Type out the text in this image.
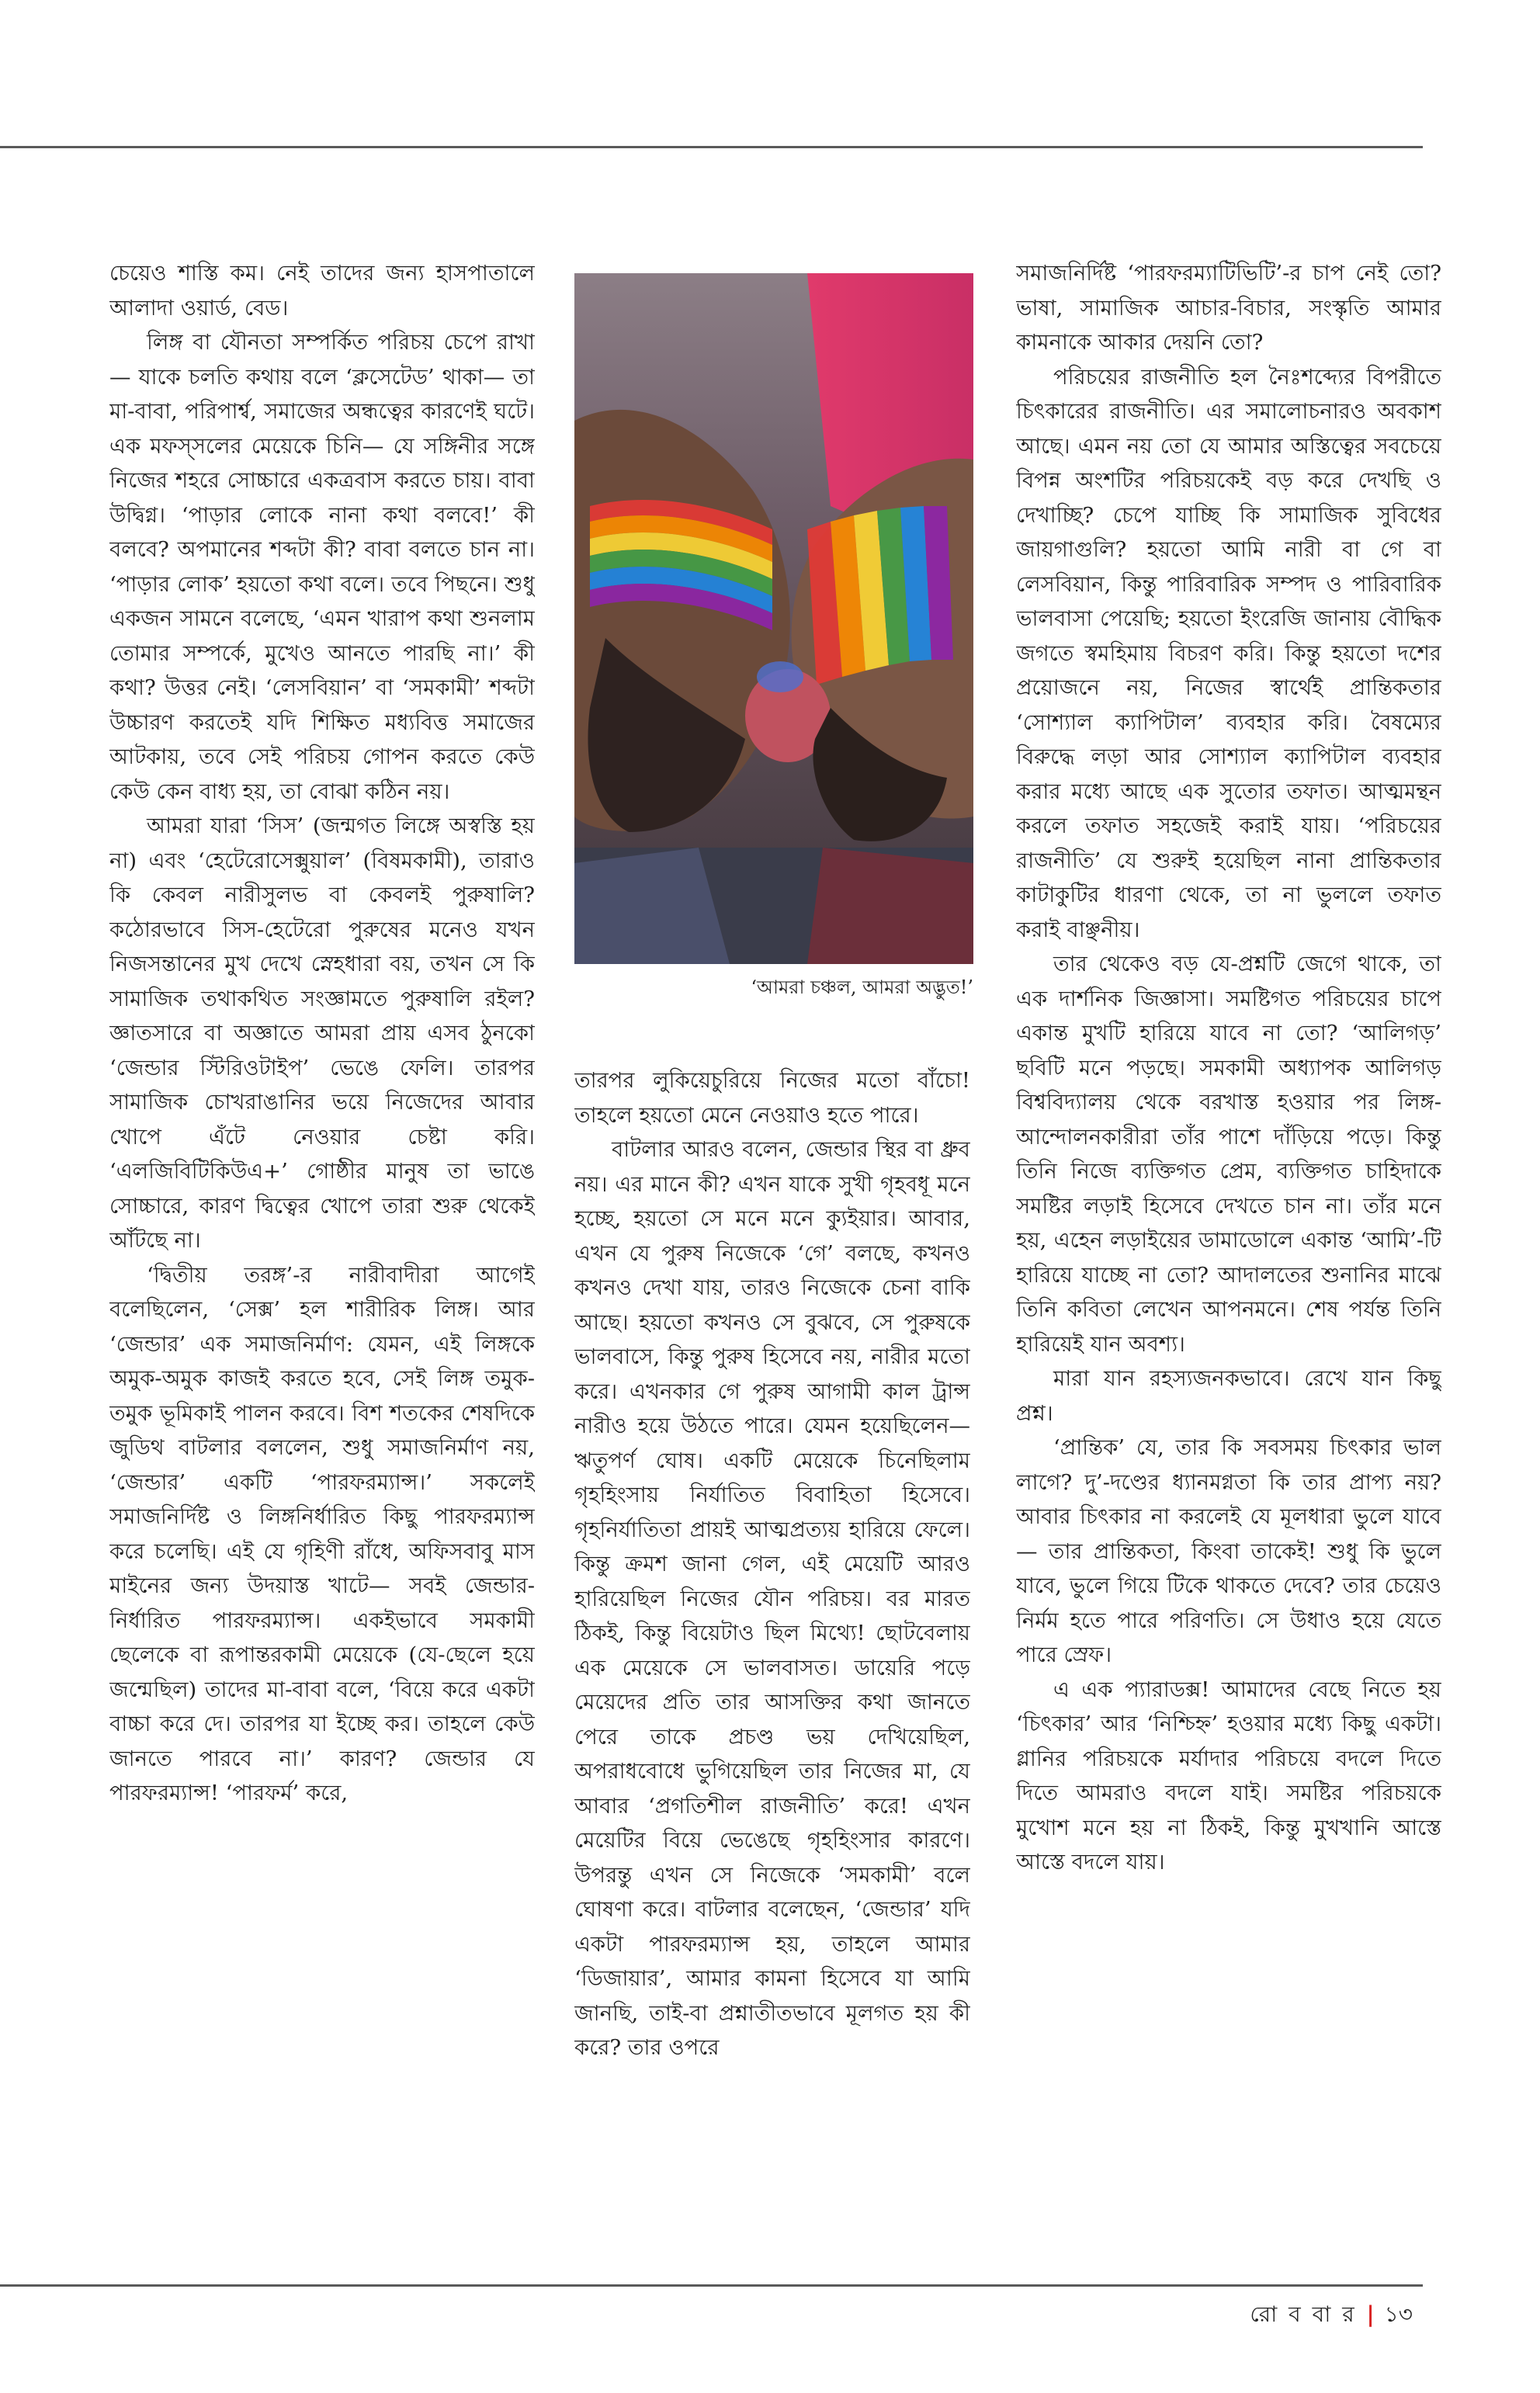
চেয়েও শাস্তি কম। নেই তাদের জন্য হাসপাতালে আলাদা ওয়ার্ড, বেড।

লিঙ্গ বা যৌনতা সম্পর্কিত পরিচয় চেপে রাখা— যাকে চলতি কথায় বলে ‘ক্লসেটেড’ থাকা— তা মা-বাবা, পরিপার্শ্ব, সমাজের অন্ধত্বের কারণেই ঘটে। এক মফস্‌সলের মেয়েকে চিনি— যে সঙ্গিনীর সঙ্গে নিজের শহরে সোচ্চারে একত্রবাস করতে চায়। বাবা উদ্বিগ্ন। ‘পাড়ার লোকে নানা কথা বলবে!’ কী বলবে? অপমানের শব্দটা কী? বাবা বলতে চান না। ‘পাড়ার লোক’ হয়তো কথা বলে। তবে পিছনে। শুধু একজন সামনে বলেছে, ‘এমন খারাপ কথা শুনলাম তোমার সম্পর্কে, মুখেও আনতে পারছি না।’ কী কথা? উত্তর নেই। ‘লেসবিয়ান’ বা ‘সমকামী’ শব্দটা উচ্চারণ করতেই যদি শিক্ষিত মধ্যবিত্ত সমাজের আটকায়, তবে সেই পরিচয় গোপন করতে কেউ কেউ কেন বাধ্য হয়, তা বোঝা কঠিন নয়।

আমরা যারা ‘সিস’ (জন্মগত লিঙ্গে অস্বস্তি হয় না) এবং ‘হেটেরোসেক্সুয়াল’ (বিষমকামী), তারাও কি কেবল নারীসুলভ বা কেবলই পুরুষালি? কঠোরভাবে সিস-হেটেরো পুরুষের মনেও যখন নিজসন্তানের মুখ দেখে স্নেহধারা বয়, তখন সে কি সামাজিক তথাকথিত সংজ্ঞামতে পুরুষালি রইল? জ্ঞাতসারে বা অজ্ঞাতে আমরা প্রায় এসব ঠুনকো ‘জেন্ডার স্টিরিওটাইপ’ ভেঙে ফেলি। তারপর সামাজিক চোখরাঙানির ভয়ে নিজেদের আবার খোপে এঁটে নেওয়ার চেষ্টা করি। ‘এলজিবিটিকিউএ+’ গোষ্ঠীর মানুষ তা ভাঙে সোচ্চারে, কারণ দ্বিত্বের খোপে তারা শুরু থেকেই আঁটছে না।

‘দ্বিতীয় তরঙ্গ’-র নারীবাদীরা আগেই বলেছিলেন, ‘সেক্স’ হল শারীরিক লিঙ্গ। আর ‘জেন্ডার’ এক সমাজনির্মাণ: যেমন, এই লিঙ্গকে অমুক-অমুক কাজই করতে হবে, সেই লিঙ্গ তমুক-তমুক ভূমিকাই পালন করবে। বিশ শতকের শেষদিকে জুডিথ বাটলার বললেন, শুধু সমাজনির্মাণ নয়, ‘জেন্ডার’ একটি ‘পারফরম্যান্স।’ সকলেই সমাজনির্দিষ্ট ও লিঙ্গনির্ধারিত কিছু পারফরম্যান্স করে চলেছি। এই যে গৃহিণী রাঁধে, অফিসবাবু মাস মাইনের জন্য উদয়াস্ত খাটে— সবই জেন্ডার-নির্ধারিত পারফরম্যান্স। একইভাবে সমকামী ছেলেকে বা রূপান্তরকামী মেয়েকে (যে-ছেলে হয়ে জন্মেছিল) তাদের মা-বাবা বলে, ‘বিয়ে করে একটা বাচ্চা করে দে। তারপর যা ইচ্ছে কর। তাহলে কেউ জানতে পারবে না।’ কারণ? জেন্ডার যে পারফরম্যান্স! ‘পারফর্ম’ করে,

‘আমরা চঞ্চল, আমরা অদ্ভুত!’

তারপর লুকিয়েচুরিয়ে নিজের মতো বাঁচো! তাহলে হয়তো মেনে নেওয়াও হতে পারে।

বাটলার আরও বলেন, জেন্ডার স্থির বা ধ্রুব নয়। এর মানে কী? এখন যাকে সুখী গৃহবধূ মনে হচ্ছে, হয়তো সে মনে মনে ক্যুইয়ার। আবার, এখন যে পুরুষ নিজেকে ‘গে’ বলছে, কখনও কখনও দেখা যায়, তারও নিজেকে চেনা বাকি আছে। হয়তো কখনও সে বুঝবে, সে পুরুষকে ভালবাসে, কিন্তু পুরুষ হিসেবে নয়, নারীর মতো করে। এখনকার গে পুরুষ আগামী কাল ট্রান্স নারীও হয়ে উঠতে পারে। যেমন হয়েছিলেন— ঋতুপর্ণ ঘোষ। একটি মেয়েকে চিনেছিলাম গৃহহিংসায় নির্যাতিত বিবাহিতা হিসেবে। গৃহনির্যাতিতা প্রায়ই আত্মপ্রত্যয় হারিয়ে ফেলে। কিন্তু ক্রমশ জানা গেল, এই মেয়েটি আরও হারিয়েছিল নিজের যৌন পরিচয়। বর মারত ঠিকই, কিন্তু বিয়েটাও ছিল মিথ্যে! ছোটবেলায় এক মেয়েকে সে ভালবাসত। ডায়েরি পড়ে মেয়েদের প্রতি তার আসক্তির কথা জানতে পেরে তাকে প্রচণ্ড ভয় দেখিয়েছিল, অপরাধবোধে ভুগিয়েছিল তার নিজের মা, যে আবার ‘প্রগতিশীল রাজনীতি’ করে! এখন মেয়েটির বিয়ে ভেঙেছে গৃহহিংসার কারণে। উপরন্তু এখন সে নিজেকে ‘সমকামী’ বলে ঘোষণা করে। বাটলার বলেছেন, ‘জেন্ডার’ যদি একটা পারফরম্যান্স হয়, তাহলে আমার ‘ডিজায়ার’, আমার কামনা হিসেবে যা আমি জানছি, তাই-বা প্রশ্নাতীতভাবে মূলগত হয় কী করে? তার ওপরে

সমাজনির্দিষ্ট ‘পারফরম্যাটিভিটি’-র চাপ নেই তো? ভাষা, সামাজিক আচার-বিচার, সংস্কৃতি আমার কামনাকে আকার দেয়নি তো?

পরিচয়ের রাজনীতি হল নৈঃশব্দ্যের বিপরীতে চিৎকারের রাজনীতি। এর সমালোচনারও অবকাশ আছে। এমন নয় তো যে আমার অস্তিত্বের সবচেয়ে বিপন্ন অংশটির পরিচয়কেই বড় করে দেখছি ও দেখাচ্ছি? চেপে যাচ্ছি কি সামাজিক সুবিধের জায়গাগুলি? হয়তো আমি নারী বা গে বা লেসবিয়ান, কিন্তু পারিবারিক সম্পদ ও পারিবারিক ভালবাসা পেয়েছি; হয়তো ইংরেজি জানায় বৌদ্ধিক জগতে স্বমহিমায় বিচরণ করি। কিন্তু হয়তো দশের প্রয়োজনে নয়, নিজের স্বার্থেই প্রান্তিকতার ‘সোশ্যাল ক্যাপিটাল’ ব্যবহার করি। বৈষম্যের বিরুদ্ধে লড়া আর সোশ্যাল ক্যাপিটাল ব্যবহার করার মধ্যে আছে এক সুতোর তফাত। আত্মমন্থন করলে তফাত সহজেই করাই যায়। ‘পরিচয়ের রাজনীতি’ যে শুরুই হয়েছিল নানা প্রান্তিকতার কাটাকুটির ধারণা থেকে, তা না ভুললে তফাত করাই বাঞ্ছনীয়।

তার থেকেও বড় যে-প্রশ্নটি জেগে থাকে, তা এক দার্শনিক জিজ্ঞাসা। সমষ্টিগত পরিচয়ের চাপে একান্ত মুখটি হারিয়ে যাবে না তো? ‘আলিগড়’ ছবিটি মনে পড়ছে। সমকামী অধ্যাপক আলিগড় বিশ্ববিদ্যালয় থেকে বরখাস্ত হওয়ার পর লিঙ্গ-আন্দোলনকারীরা তাঁর পাশে দাঁড়িয়ে পড়ে। কিন্তু তিনি নিজে ব্যক্তিগত প্রেম, ব্যক্তিগত চাহিদাকে সমষ্টির লড়াই হিসেবে দেখতে চান না। তাঁর মনে হয়, এহেন লড়াইয়ের ডামাডোলে একান্ত ‘আমি’-টি হারিয়ে যাচ্ছে না তো? আদালতের শুনানির মাঝে তিনি কবিতা লেখেন আপনমনে। শেষ পর্যন্ত তিনি হারিয়েই যান অবশ্য।

মারা যান রহস্যজনকভাবে। রেখে যান কিছু প্রশ্ন।

‘প্রান্তিক’ যে, তার কি সবসময় চিৎকার ভাল লাগে? দু’-দণ্ডের ধ্যানমগ্নতা কি তার প্রাপ্য নয়? আবার চিৎকার না করলেই যে মূলধারা ভুলে যাবে— তার প্রান্তিকতা, কিংবা তাকেই! শুধু কি ভুলে যাবে, ভুলে গিয়ে টিকে থাকতে দেবে? তার চেয়েও নির্মম হতে পারে পরিণতি। সে উধাও হয়ে যেতে পারে স্রেফ।

এ এক প্যারাডক্স! আমাদের বেছে নিতে হয় ‘চিৎকার’ আর ‘নিশ্চিহ্ন’ হওয়ার মধ্যে কিছু একটা। গ্লানির পরিচয়কে মর্যাদার পরিচয়ে বদলে দিতে দিতে আমরাও বদলে যাই। সমষ্টির পরিচয়কে মুখোশ মনে হয় না ঠিকই, কিন্তু মুখখানি আস্তে আস্তে বদলে যায়।

রো ব বা র | ১৩
